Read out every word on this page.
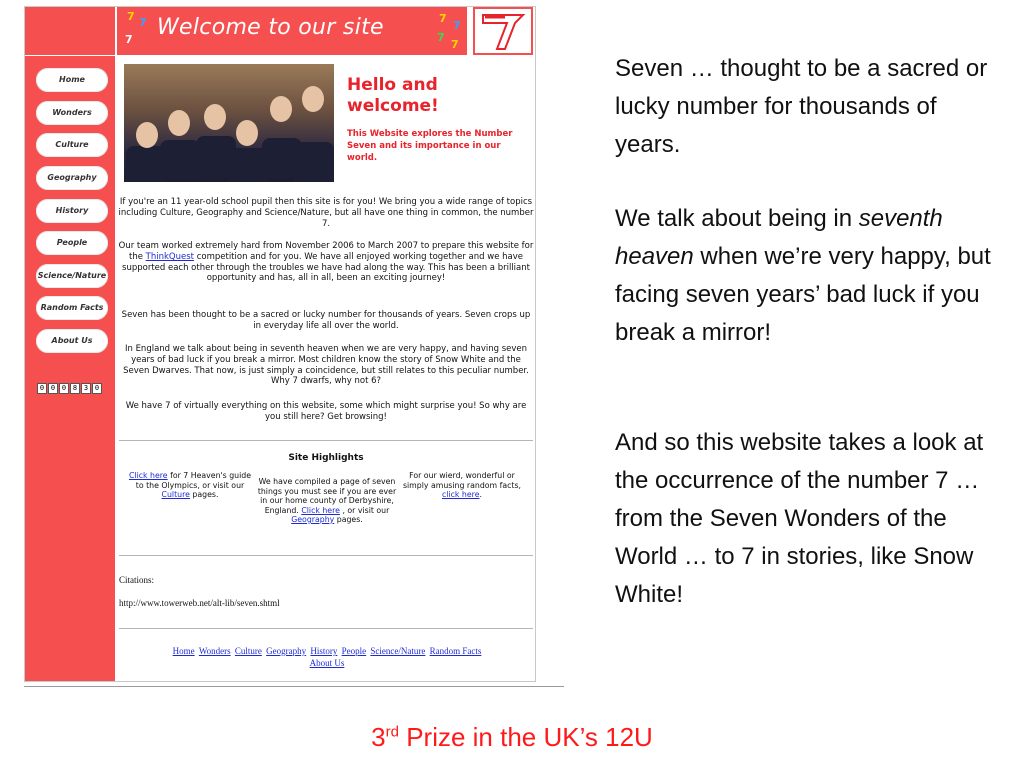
Home
Wonders
Culture
Geography
History
People
Science/Nature
Random Facts
About Us
0 0 0 8 3 0
7 7
7 Welcome to our site	7
7
7
7
Hello and welcome!
This Website explores the Number Seven and its importance in our world.
If you're an 11 year-old school pupil then this site is for you! We bring you a wide range of topics including Culture, Geography and Science/Nature, but all have one thing in common, the number 7.
Our team worked extremely hard from November 2006 to March 2007 to prepare this website for the ThinkQuest competition and for you. We have all enjoyed working together and we have supported each other through the troubles we have had along the way. This has been a brilliant opportunity and has, all in all, been an exciting journey!
Seven has been thought to be a sacred or lucky number for thousands of years. Seven crops up in everyday life all over the world.
In England we talk about being in seventh heaven when we are very happy, and having seven years of bad luck if you break a mirror. Most children know the story of Snow White and the Seven Dwarves. That now, is just simply a coincidence, but still relates to this peculiar number. Why 7 dwarfs, why not 6?
We have 7 of virtually everything on this website, some which might surprise you! So why are you still here? Get browsing!
Site Highlights
Click here for 7 Heaven's guide to the Olympics, or visit our Culture pages.
We have compiled a page of seven things you must see if you are ever in our home county of Derbyshire, England. Click here , or visit our Geography pages.
For our wierd, wonderful or simply amusing random facts, click here.
Citations:
http://www.towerweb.net/alt-lib/seven.shtml
Home Wonders Culture Geography History People Science/Nature Random Facts
About Us
Seven … thought to be a sacred or lucky number for thousands of years.
We talk about being in seventh heaven when we’re very happy, but facing seven years’ bad luck if you break a mirror!
And so this website takes a look at the occurrence of the number 7 … from the Seven Wonders of the World … to 7 in stories, like Snow White!
3rd Prize in the UK’s 12U
